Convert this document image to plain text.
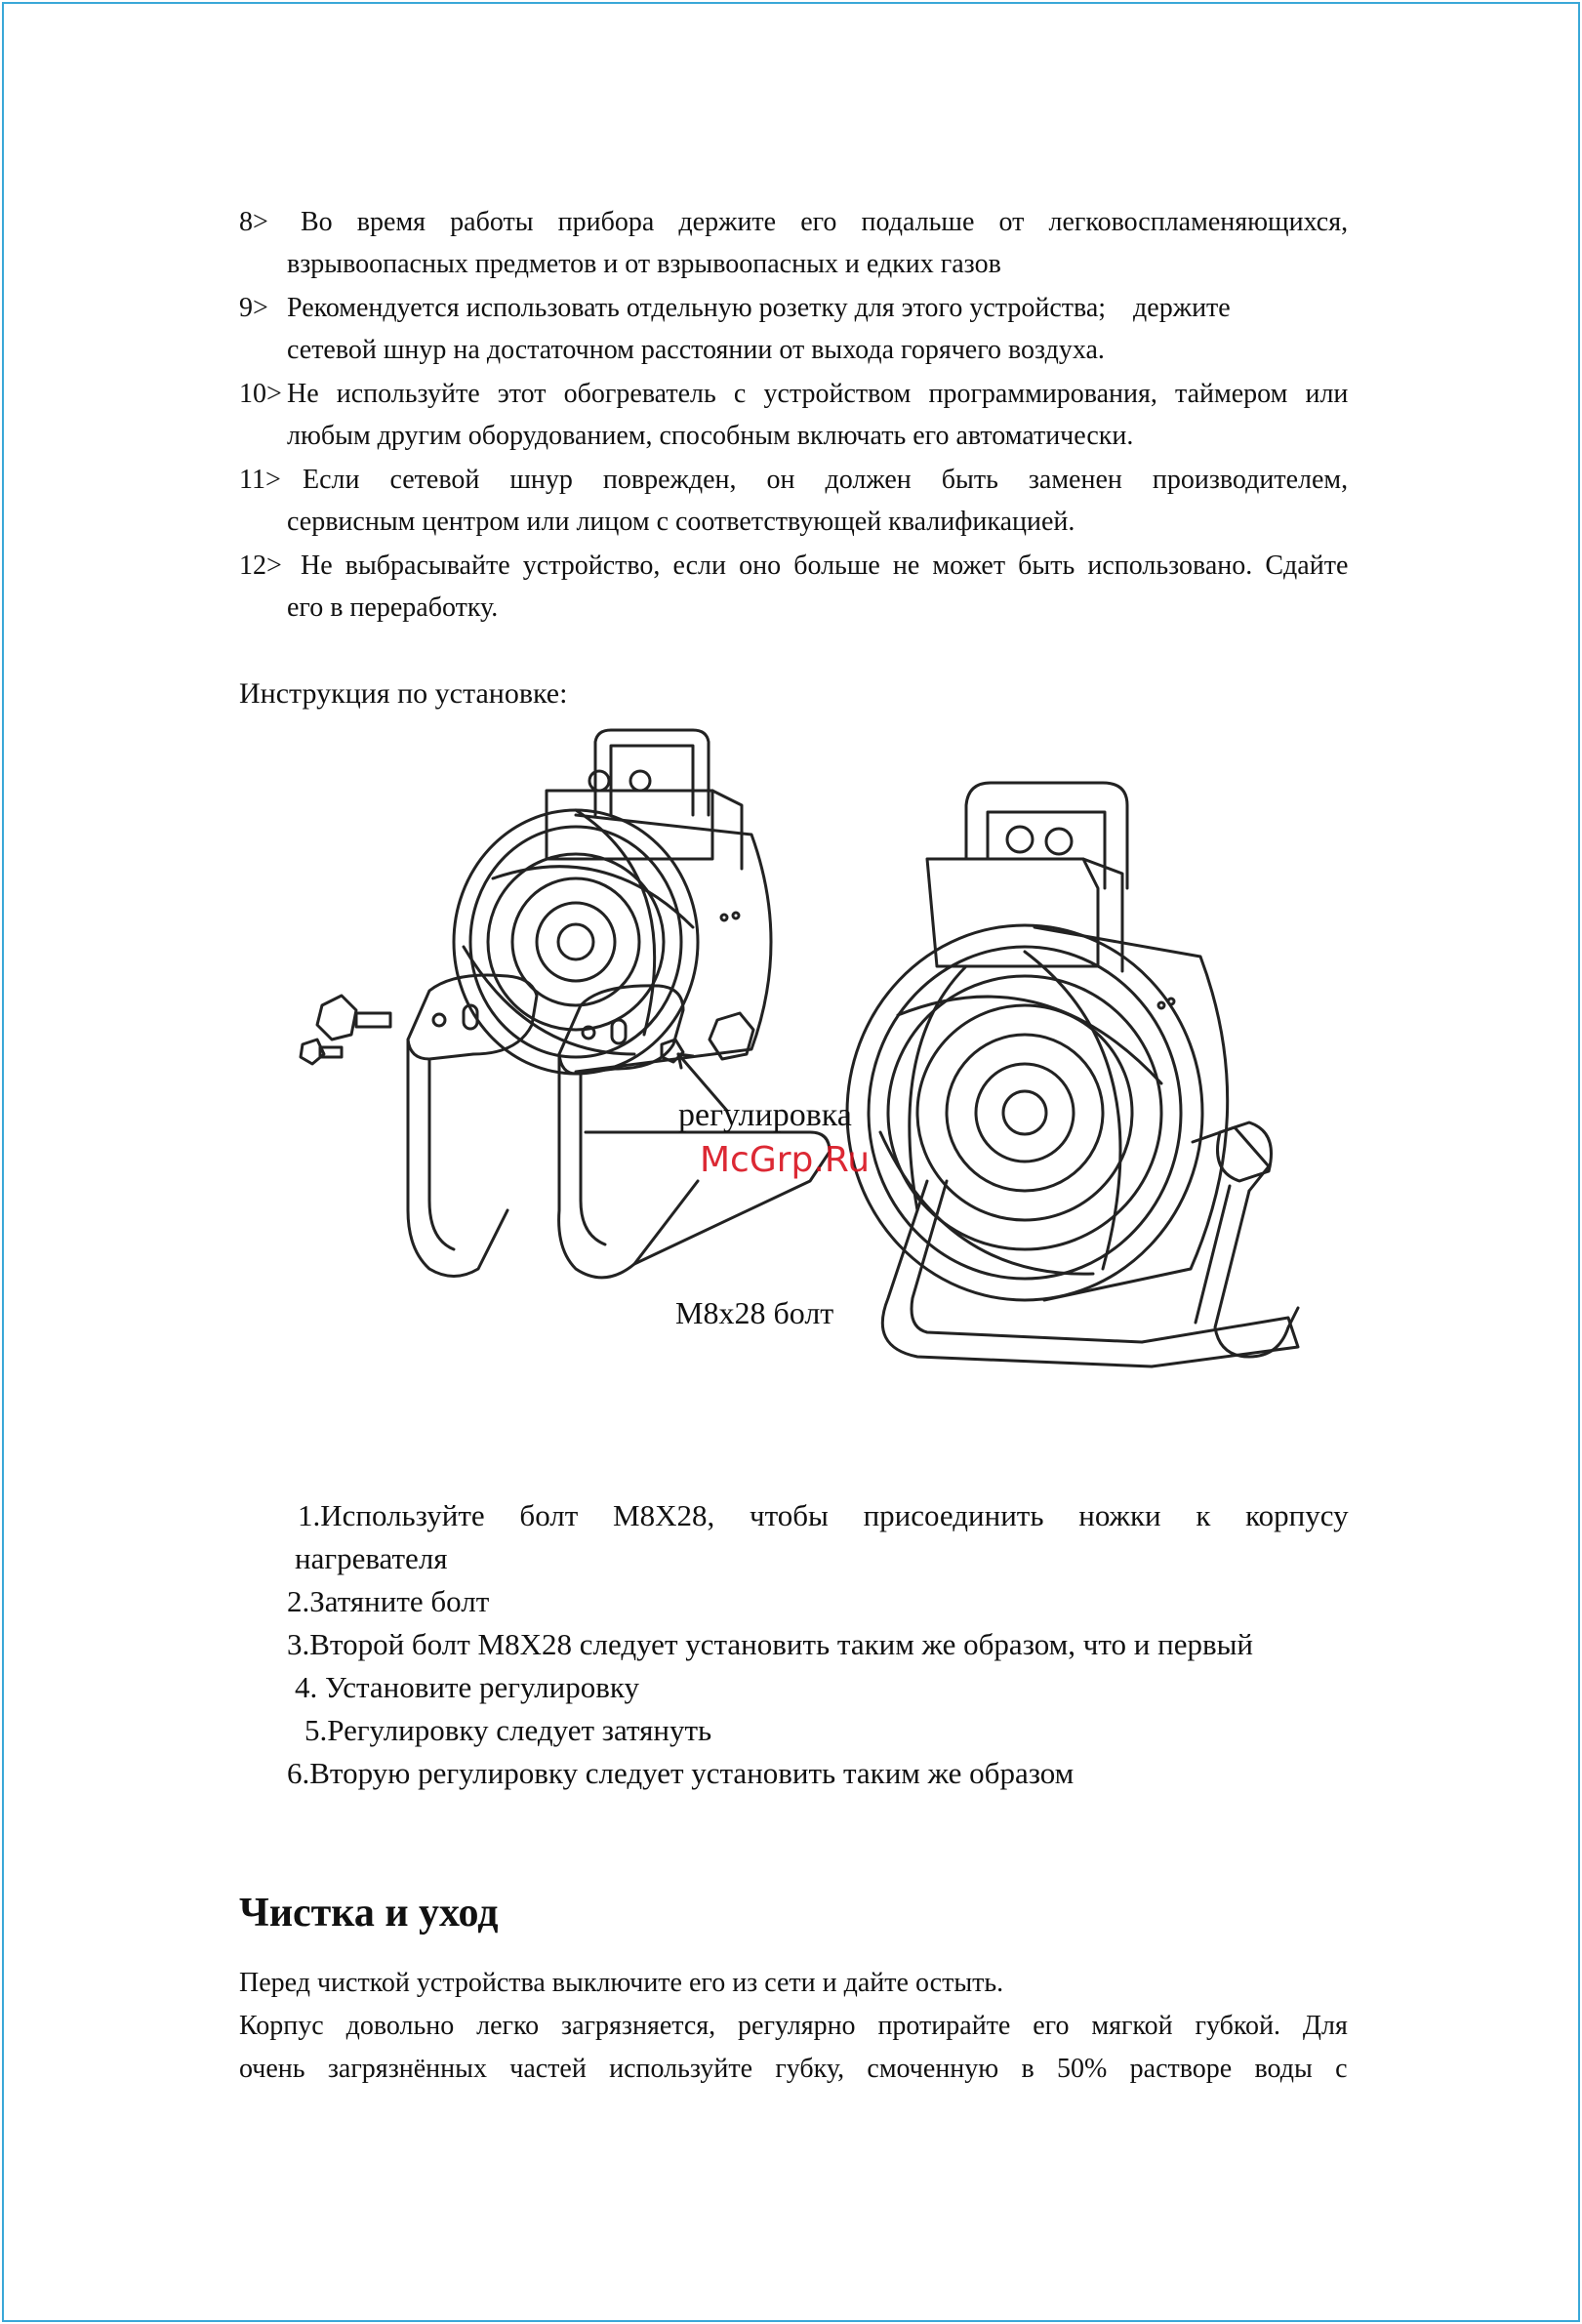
8> Во время работы прибора держите его подальше от легковоспламеняющихся,
взрывоопасных предметов и от взрывоопасных и едких газов
9> Рекомендуется использовать отдельную розетку для этого устройства;    держите
сетевой шнур на достаточном расстоянии от выхода горячего воздуха.
10> Не используйте этот обогреватель с устройством программирования, таймером или
любым другим оборудованием, способным включать его автоматически.
11> Если сетевой шнур поврежден, он должен быть заменен производителем,
сервисным центром или лицом с соответствующей квалификацией.
12> Не выбрасывайте устройство, если оно больше не может быть использовано. Сдайте
его в переработку.
Инструкция по установке:
регулировка
McGrp.Ru
M8x28 болт
1.Используйте болт M8X28, чтобы присоединить ножки к корпусу
нагревателя
2.Затяните болт
3.Второй болт M8X28 следует установить таким же образом, что и первый
4. Установите регулировку
5.Регулировку следует затянуть
6.Вторую регулировку следует установить таким же образом
Чистка и уход
Перед чисткой устройства выключите его из сети и дайте остыть.
Корпус довольно легко загрязняется, регулярно протирайте его мягкой губкой. Для
очень загрязнённых частей используйте губку, смоченную в 50% растворе воды с
